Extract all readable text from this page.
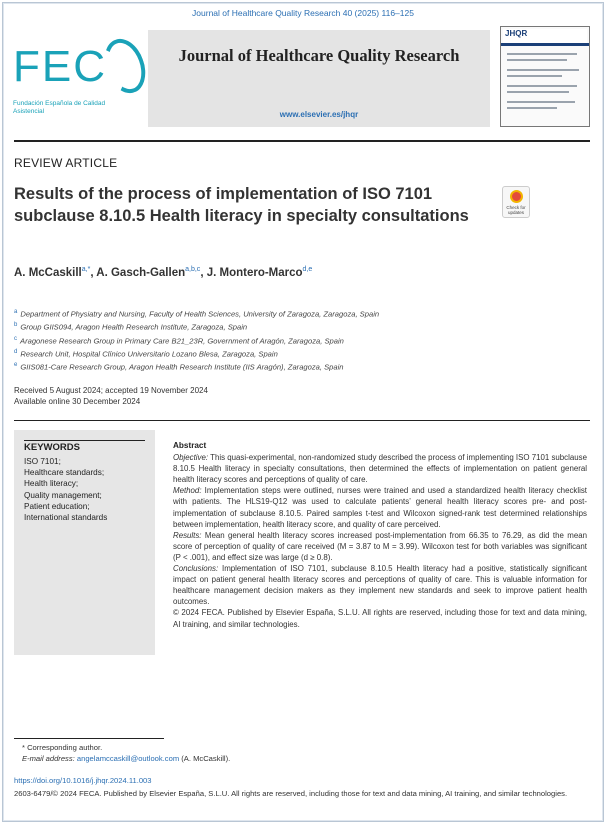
Journal of Healthcare Quality Research 40 (2025) 116–125
FEC
Fundación Española de Calidad Asistencial
Journal of Healthcare Quality Research
www.elsevier.es/jhqr
JHQR
REVIEW ARTICLE
Results of the process of implementation of ISO 7101 subclause 8.10.5 Health literacy in specialty consultations	Check for updates
A. McCaskill$^{a,*}$, A. Gasch-Gallen$^{a,b,c}$, J. Montero-Marco$^{d,e}$
$^a$ Department of Physiatry and Nursing, Faculty of Health Sciences, University of Zaragoza, Zaragoza, Spain
$^b$ Group GIIS094, Aragon Health Research Institute, Zaragoza, Spain
$^c$ Aragonese Research Group in Primary Care B21_23R, Government of Aragón, Zaragoza, Spain
$^d$ Research Unit, Hospital Clínico Universitario Lozano Blesa, Zaragoza, Spain
$^e$ GIIS081-Care Research Group, Aragon Health Research Institute (IIS Aragón), Zaragoza, Spain
Received 5 August 2024; accepted 19 November 2024
Available online 30 December 2024
KEYWORDS
ISO 7101;
Healthcare standards;
Health literacy;
Quality management;
Patient education;
International standards
Abstract

Objective: This quasi-experimental, non-randomized study described the process of implementing ISO 7101 subclause 8.10.5 Health literacy in specialty consultations, then determined the effects of implementation on patient general health literacy scores and perceptions of quality of care.

Method: Implementation steps were outlined, nurses were trained and used a standardized health literacy checklist with patients. The HLS19-Q12 was used to calculate patients’ general health literacy scores pre- and post-implementation of subclause 8.10.5. Paired samples t-test and Wilcoxon signed-rank test determined relationships between implementation, health literacy score, and quality of care perceived.

Results: Mean general health literacy scores increased post-implementation from 66.35 to 76.29, as did the mean score of perception of quality of care received (M = 3.87 to M = 3.99). Wilcoxon test for both variables was significant (P < .001), and effect size was large (d ≥ 0.8).

Conclusions: Implementation of ISO 7101, subclause 8.10.5 Health literacy had a positive, statistically significant impact on patient general health literacy scores and perceptions of quality of care. This is valuable information for healthcare management decision makers as they implement new standards and seek to improve patient health outcomes.

© 2024 FECA. Published by Elsevier España, S.L.U. All rights are reserved, including those for text and data mining, AI training, and similar technologies.

* Corresponding author.
E-mail address: angelamccaskill@outlook.com (A. McCaskill).
https://doi.org/10.1016/j.jhqr.2024.11.003
2603-6479/© 2024 FECA. Published by Elsevier España, S.L.U. All rights are reserved, including those for text and data mining, AI training, and similar technologies.
